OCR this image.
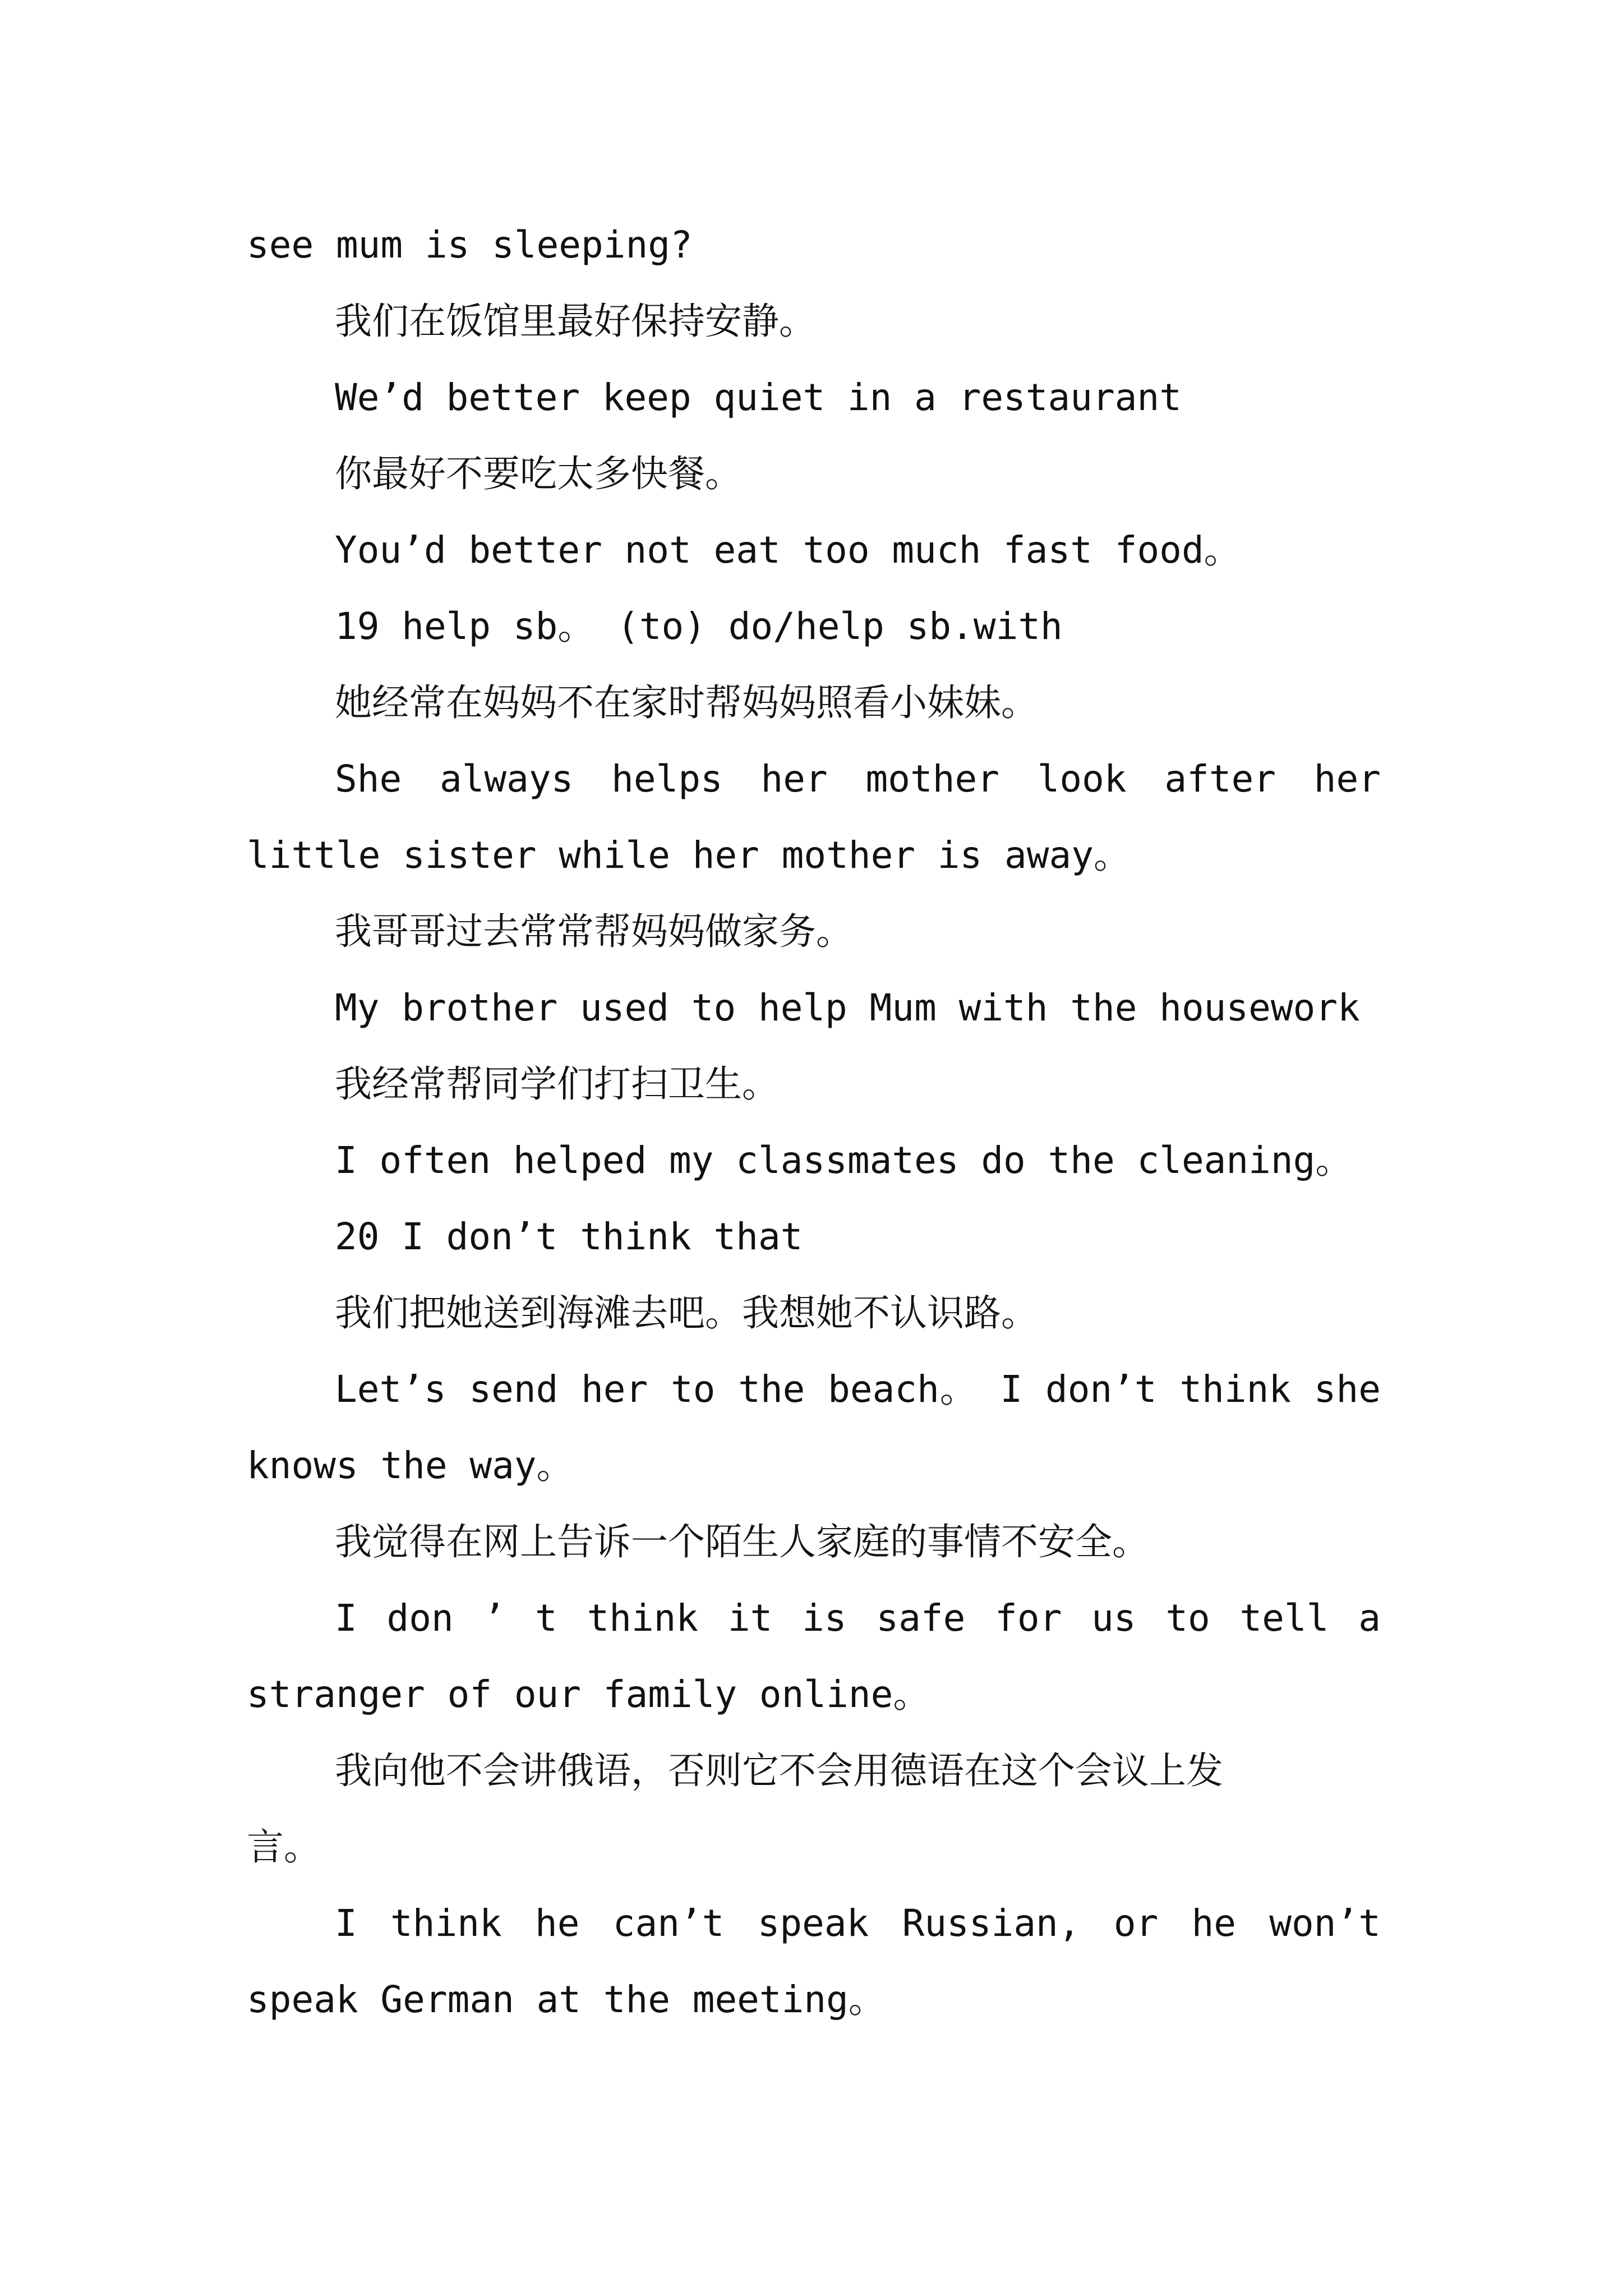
see mum is sleeping?

我们在饭馆里最好保持安静。

We’d better keep quiet in a restaurant

你最好不要吃太多快餐。

You’d better not eat too much fast food。

19 help sb。 (to) do/help sb.with

她经常在妈妈不在家时帮妈妈照看小妹妹。

She always helps her mother look after her

little sister while her mother is away。

我哥哥过去常常帮妈妈做家务。

My brother used to help Mum with the housework

我经常帮同学们打扫卫生。

I often helped my classmates do the cleaning。

20 I don’t think that

我们把她送到海滩去吧。我想她不认识路。

Let’s send her to the beach。 I don’t think she

knows the way。

我觉得在网上告诉一个陌生人家庭的事情不安全。

I don ’ t think it is safe for us to tell a

stranger of our family online。

我向他不会讲俄语，否则它不会用德语在这个会议上发

言。

I think he can’t speak Russian, or he won’t

speak German at the meeting。
